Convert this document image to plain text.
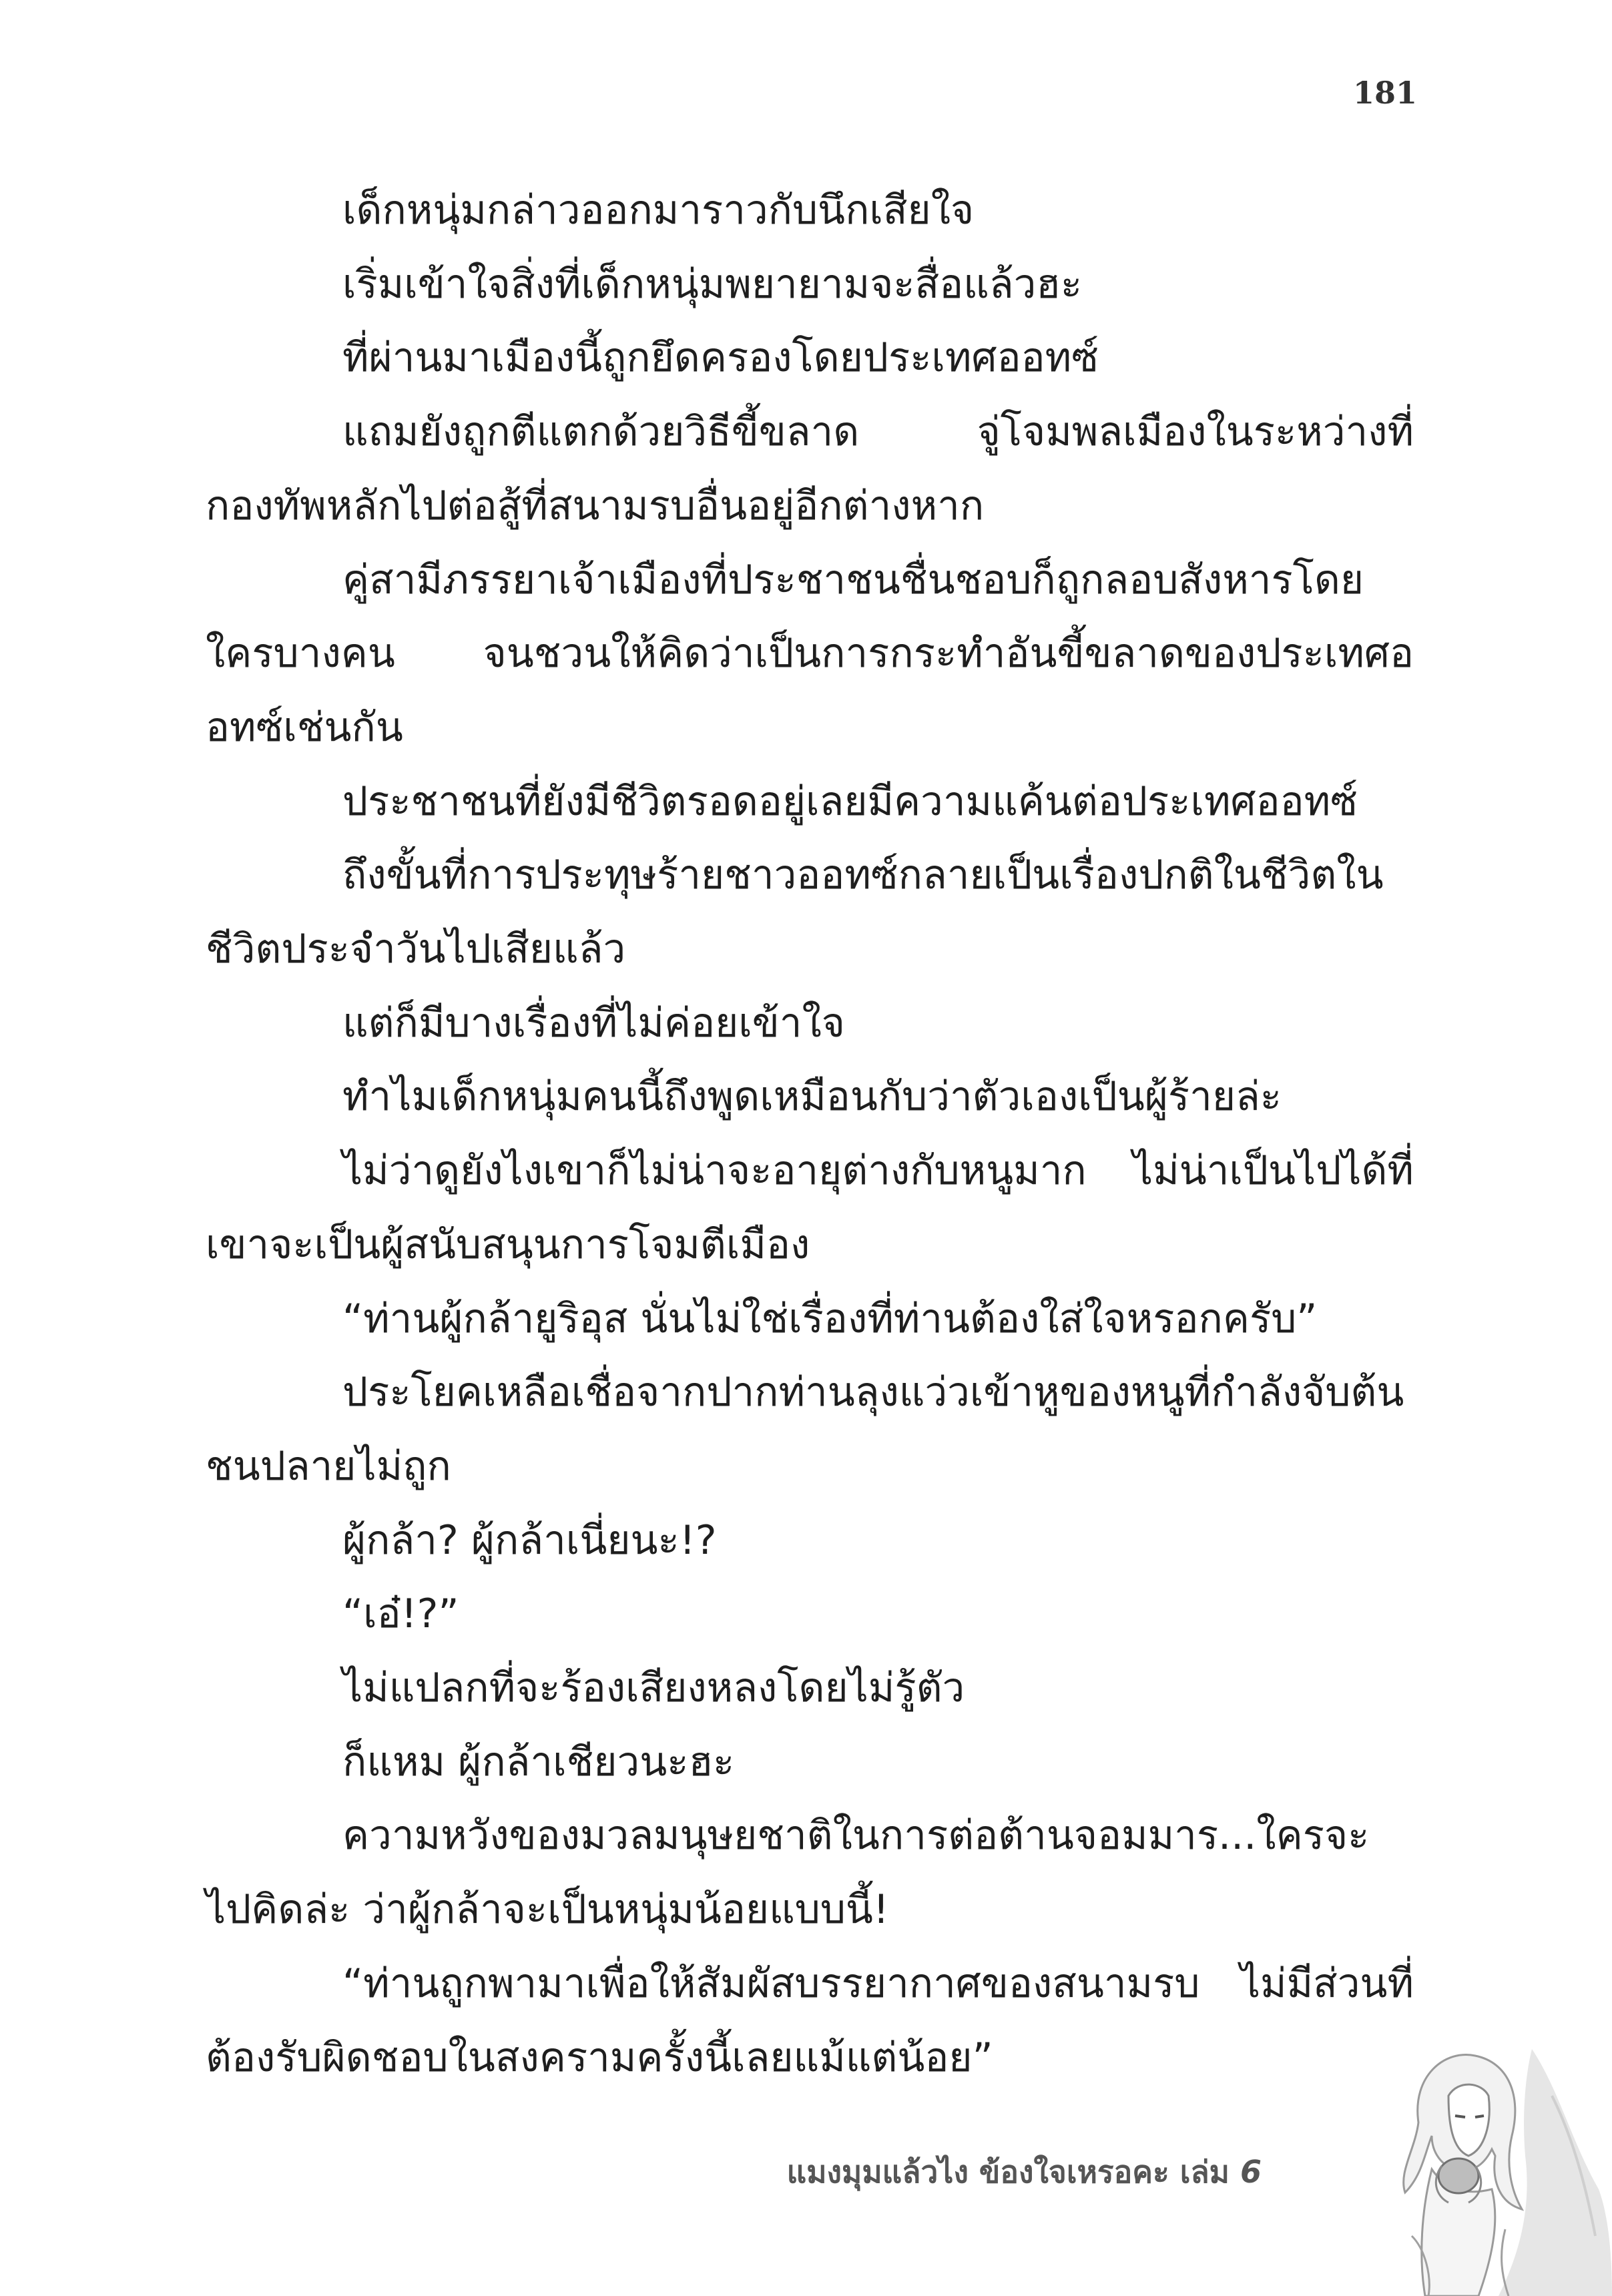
181

เด็กหนุ่มกล่าวออกมาราวกับนึกเสียใจ

เริ่มเข้าใจสิ่งที่เด็กหนุ่มพยายามจะสื่อแล้วฮะ

ที่ผ่านมาเมืองนี้ถูกยึดครองโดยประเทศออทซ์

แถมยังถูกตีแตกด้วยวิธีขี้ขลาด จู่โจมพลเมืองในระหว่างที่กองทัพหลักไปต่อสู้ที่สนามรบอื่นอยู่อีกต่างหาก

คู่สามีภรรยาเจ้าเมืองที่ประชาชนชื่นชอบก็ถูกลอบสังหารโดยใครบางคน จนชวนให้คิดว่าเป็นการกระทำอันขี้ขลาดของประเทศออทซ์เช่นกัน

ประชาชนที่ยังมีชีวิตรอดอยู่เลยมีความแค้นต่อประเทศออทซ์

ถึงขั้นที่การประทุษร้ายชาวออทซ์กลายเป็นเรื่องปกติในชีวิตในชีวิตประจำวันไปเสียแล้ว

แต่ก็มีบางเรื่องที่ไม่ค่อยเข้าใจ

ทำไมเด็กหนุ่มคนนี้ถึงพูดเหมือนกับว่าตัวเองเป็นผู้ร้ายล่ะ

ไม่ว่าดูยังไงเขาก็ไม่น่าจะอายุต่างกับหนูมาก ไม่น่าเป็นไปได้ที่เขาจะเป็นผู้สนับสนุนการโจมตีเมือง

“ท่านผู้กล้ายูริอุส นั่นไม่ใช่เรื่องที่ท่านต้องใส่ใจหรอกครับ”

ประโยคเหลือเชื่อจากปากท่านลุงแว่วเข้าหูของหนูที่กำลังจับต้นชนปลายไม่ถูก

ผู้กล้า? ผู้กล้าเนี่ยนะ!?

“เอ๋!?”

ไม่แปลกที่จะร้องเสียงหลงโดยไม่รู้ตัว

ก็แหม ผู้กล้าเชียวนะฮะ

ความหวังของมวลมนุษยชาติในการต่อต้านจอมมาร...ใครจะไปคิดล่ะ ว่าผู้กล้าจะเป็นหนุ่มน้อยแบบนี้!

“ท่านถูกพามาเพื่อให้สัมผัสบรรยากาศของสนามรบ ไม่มีส่วนที่ต้องรับผิดชอบในสงครามครั้งนี้เลยแม้แต่น้อย”

แมงมุมแล้วไง ข้องใจเหรอคะ เล่ม 6
